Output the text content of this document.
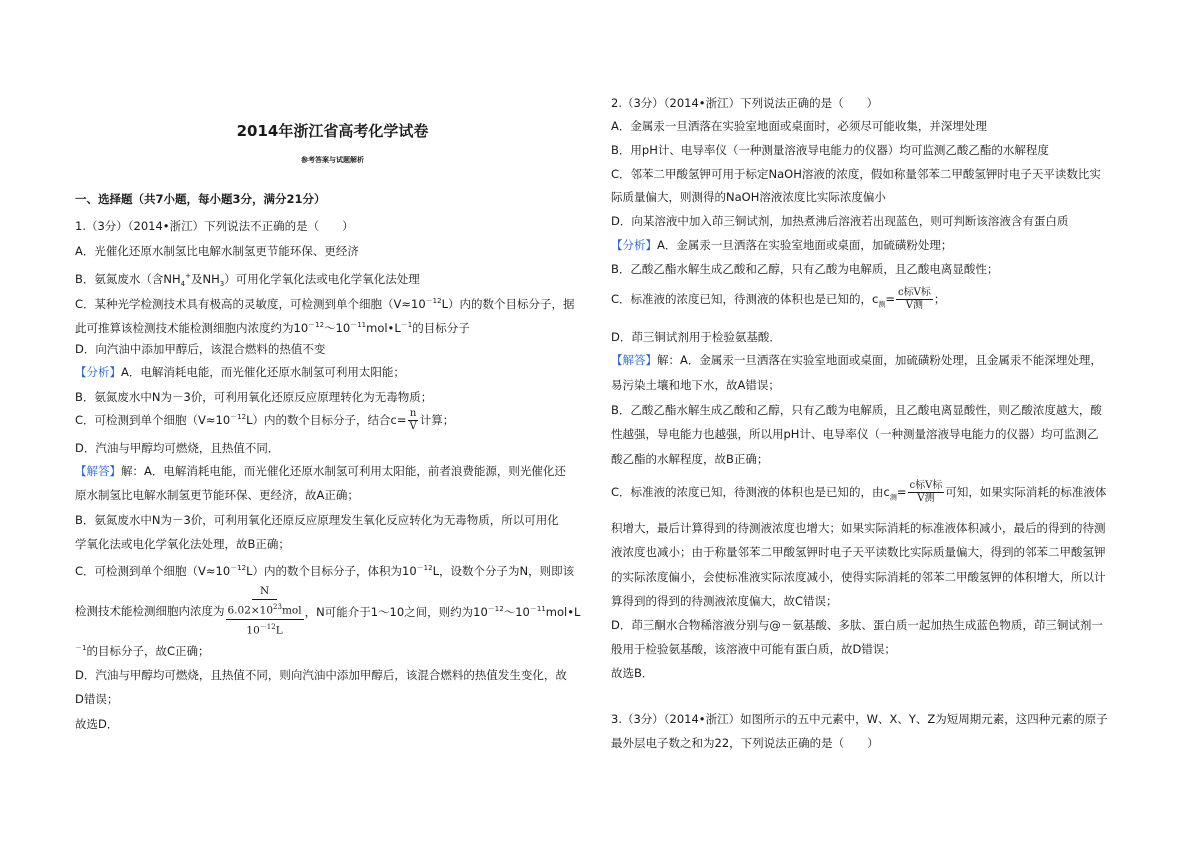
2014年浙江省高考化学试卷
参考答案与试题解析
一、选择题（共7小题，每小题3分，满分21分）
1.（3分）（2014•浙江）下列说法不正确的是（　　）
A．光催化还原水制氢比电解水制氢更节能环保、更经济
B．氨氮废水（含$NH_4^+$及$NH_3$）可用化学氧化法或电化学氧化法处理
C．某种光学检测技术具有极高的灵敏度，可检测到单个细胞$(V\approx 10^{-12}L)$内的数个目标分子，据
此可推算该检测技术能检测细胞内浓度约为$10^{-12}\sim 10^{-11}mol•L^{-1}$的目标分子
D．向汽油中添加甲醇后，该混合燃料的热值不变
【分析】A．电解消耗电能，而光催化还原水制氢可利用太阳能；
B．氨氮废水中N为－3价，可利用氧化还原反应原理转化为无毒物质；
C．可检测到单个细胞$(V\approx 10^{-12}L)$内的数个目标分子，结合$c= \frac{n}{V}$ 计算；
D．汽油与甲醇均可燃烧，且热值不同．
【解答】解：A．电解消耗电能，而光催化还原水制氢可利用太阳能，前者浪费能源，则光催化还
原水制氢比电解水制氢更节能环保、更经济，故A正确；
B．氨氮废水中N为－3价，可利用氧化还原反应原理发生氧化反应转化为无毒物质，所以可用化
学氧化法或电化学氧化法处理，故B正确；
C．可检测到单个细胞$(V\approx 10^{-12}L)$内的数个目标分子，体积为$10^{-12}L$，设数个分子为N，则即该
检测技术能检测细胞内浓度为 N
$6.02\times 10^{23}mol$
$10^{-12}L$ ，N可能介于1～10之间，则约为$10^{-12}\sim 10^{-11}mol•L$
$^{-1}$的目标分子，故C正确；
D．汽油与甲醇均可燃烧，且热值不同，则向汽油中添加甲醇后，该混合燃料的热值发生变化，故
D错误；
故选D．
2.（3分）（2014•浙江）下列说法正确的是（　　）
A．金属汞一旦洒落在实验室地面或桌面时，必须尽可能收集，并深埋处理
B．用pH计、电导率仪（一种测量溶液导电能力的仪器）均可监测乙酸乙酯的水解程度
C．邻苯二甲酸氢钾可用于标定NaOH溶液的浓度，假如称量邻苯二甲酸氢钾时电子天平读数比实
际质量偏大，则测得的NaOH溶液浓度比实际浓度偏小
D．向某溶液中加入茚三铜试剂，加热煮沸后溶液若出现蓝色，则可判断该溶液含有蛋白质
【分析】A．金属汞一旦洒落在实验室地面或桌面，加硫磺粉处理；
B．乙酸乙酯水解生成乙酸和乙醇，只有乙酸为电解质，且乙酸电离显酸性；
C．标准液的浓度已知，待测液的体积也是已知的，$c_测= \frac{\text{c标V标}}{\text{V测}}$ ；
D．茚三铜试剂用于检验氨基酸．
【解答】解：A．金属汞一旦洒落在实验室地面或桌面，加硫磺粉处理，且金属汞不能深埋处理，
易污染土壤和地下水，故A错误；
B．乙酸乙酯水解生成乙酸和乙醇，只有乙酸为电解质，且乙酸电离显酸性，则乙酸浓度越大，酸
性越强，导电能力也越强，所以用pH计、电导率仪（一种测量溶液导电能力的仪器）均可监测乙
酸乙酯的水解程度，故B正确；
C．标准液的浓度已知，待测液的体积也是已知的，由$c_测= \frac{\text{c标V标}}{\text{V测}}$ 可知，如果实际消耗的标准液体
积增大，最后计算得到的待测液浓度也增大；如果实际消耗的标准液体积减小，最后的得到的待测
液浓度也减小；由于称量邻苯二甲酸氢钾时电子天平读数比实际质量偏大，得到的邻苯二甲酸氢钾
的实际浓度偏小，会使标准液实际浓度减小，使得实际消耗的邻苯二甲酸氢钾的体积增大，所以计
算得到的得到的待测液浓度偏大，故C错误；
D．茚三酮水合物稀溶液分别与@－氨基酸、多肽、蛋白质一起加热生成蓝色物质，茚三铜试剂一
般用于检验氨基酸，该溶液中可能有蛋白质，故D错误；
故选B．
3.（3分）（2014•浙江）如图所示的五中元素中，W、X、Y、Z为短周期元素，这四种元素的原子
最外层电子数之和为22，下列说法正确的是（　　）
